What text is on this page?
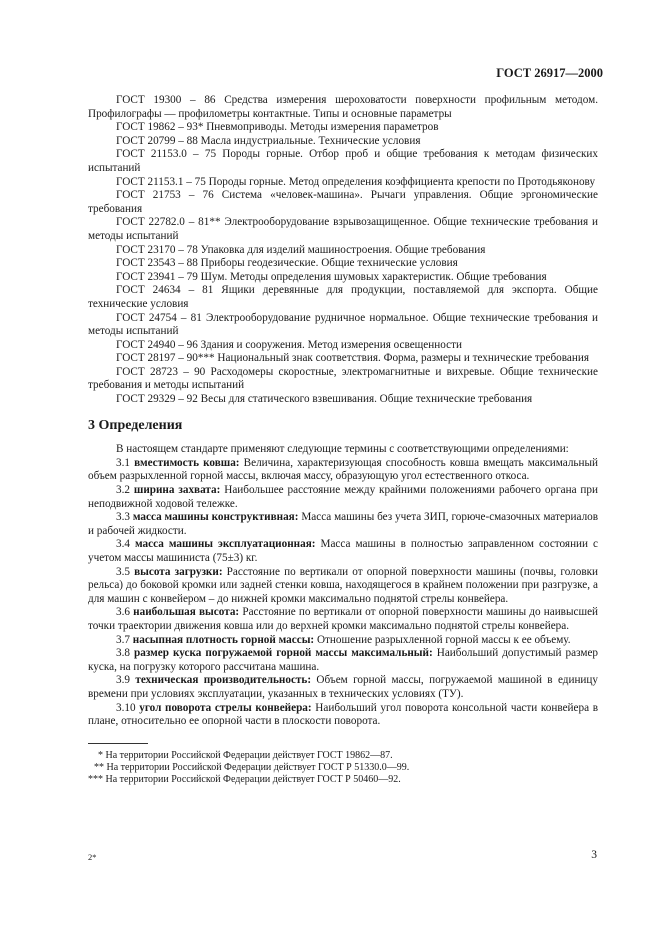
ГОСТ 26917—2000

ГОСТ 19300 – 86 Средства измерения шероховатости поверхности профильным методом. Профилографы — профилометры контактные. Типы и основные параметры

ГОСТ 19862 – 93* Пневмоприводы. Методы измерения параметров

ГОСТ 20799 – 88 Масла индустриальные. Технические условия

ГОСТ 21153.0 – 75 Породы горные. Отбор проб и общие требования к методам физических испытаний

ГОСТ 21153.1 – 75 Породы горные. Метод определения коэффициента крепости по Протодьяконову

ГОСТ 21753 – 76 Система «человек-машина». Рычаги управления. Общие эргономические требования

ГОСТ 22782.0 – 81** Электрооборудование взрывозащищенное. Общие технические требования и методы испытаний

ГОСТ 23170 – 78 Упаковка для изделий машиностроения. Общие требования

ГОСТ 23543 – 88 Приборы геодезические. Общие технические условия

ГОСТ 23941 – 79 Шум. Методы определения шумовых характеристик. Общие требования

ГОСТ 24634 – 81 Ящики деревянные для продукции, поставляемой для экспорта. Общие технические условия

ГОСТ 24754 – 81 Электрооборудование рудничное нормальное. Общие технические требования и методы испытаний

ГОСТ 24940 – 96 Здания и сооружения. Метод измерения освещенности

ГОСТ 28197 – 90*** Национальный знак соответствия. Форма, размеры и технические требования

ГОСТ 28723 – 90 Расходомеры скоростные, электромагнитные и вихревые. Общие технические требования и методы испытаний

ГОСТ 29329 – 92 Весы для статического взвешивания. Общие технические требования

3 Определения

В настоящем стандарте применяют следующие термины с соответствующими определениями:

3.1 вместимость ковша: Величина, характеризующая способность ковша вмещать максимальный объем разрыхленной горной массы, включая массу, образующую угол естественного откоса.

3.2 ширина захвата: Наибольшее расстояние между крайними положениями рабочего органа при неподвижной ходовой тележке.

3.3 масса машины конструктивная: Масса машины без учета ЗИП, горюче-смазочных материалов и рабочей жидкости.

3.4 масса машины эксплуатационная: Масса машины в полностью заправленном состоянии с учетом массы машиниста (75±3) кг.

3.5 высота загрузки: Расстояние по вертикали от опорной поверхности машины (почвы, головки рельса) до боковой кромки или задней стенки ковша, находящегося в крайнем положении при разгрузке, а для машин с конвейером – до нижней кромки максимально поднятой стрелы конвейера.

3.6 наибольшая высота: Расстояние по вертикали от опорной поверхности машины до наивысшей точки траектории движения ковша или до верхней кромки максимально поднятой стрелы конвейера.

3.7 насыпная плотность горной массы: Отношение разрыхленной горной массы к ее объему.

3.8 размер куска погружаемой горной массы максимальный: Наибольший допустимый размер куска, на погрузку которого рассчитана машина.

3.9 техническая производительность: Объем горной массы, погружаемой машиной в единицу времени при условиях эксплуатации, указанных в технических условиях (ТУ).

3.10 угол поворота стрелы конвейера: Наибольший угол поворота консольной части конвейера в плане, относительно ее опорной части в плоскости поворота.

* На территории Российской Федерации действует ГОСТ 19862—87.

** На территории Российской Федерации действует ГОСТ Р 51330.0—99.

*** На территории Российской Федерации действует ГОСТ Р 50460—92.

2*	3
